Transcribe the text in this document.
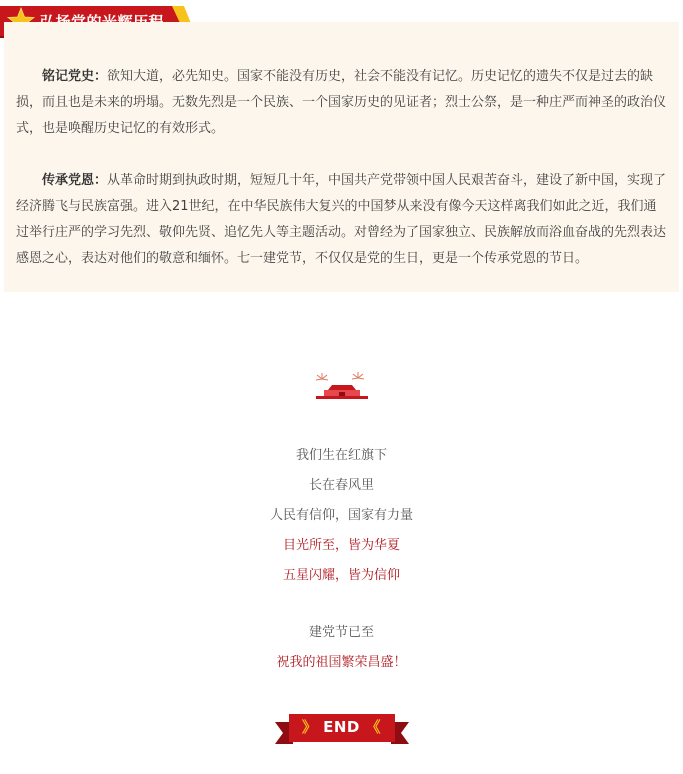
铭记党史：欲知大道，必先知史。国家不能没有历史，社会不能没有记忆。历史记忆的遗失不仅是过去的缺损，而且也是未来的坍塌。无数先烈是一个民族、一个国家历史的见证者；烈士公祭，是一种庄严而神圣的政治仪式，也是唤醒历史记忆的有效形式。

传承党恩：从革命时期到执政时期，短短几十年，中国共产党带领中国人民艰苦奋斗，建设了新中国，实现了经济腾飞与民族富强。进入21世纪，在中华民族伟大复兴的中国梦从来没有像今天这样离我们如此之近，我们通过举行庄严的学习先烈、敬仰先贤、追忆先人等主题活动。对曾经为了国家独立、民族解放而浴血奋战的先烈表达感恩之心，表达对他们的敬意和缅怀。七一建党节，不仅仅是党的生日，更是一个传承党恩的节日。

我们生在红旗下
长在春风里
人民有信仰，国家有力量
目光所至，皆为华夏
五星闪耀，皆为信仰
建党节已至
祝我的祖国繁荣昌盛！
》 END 《
